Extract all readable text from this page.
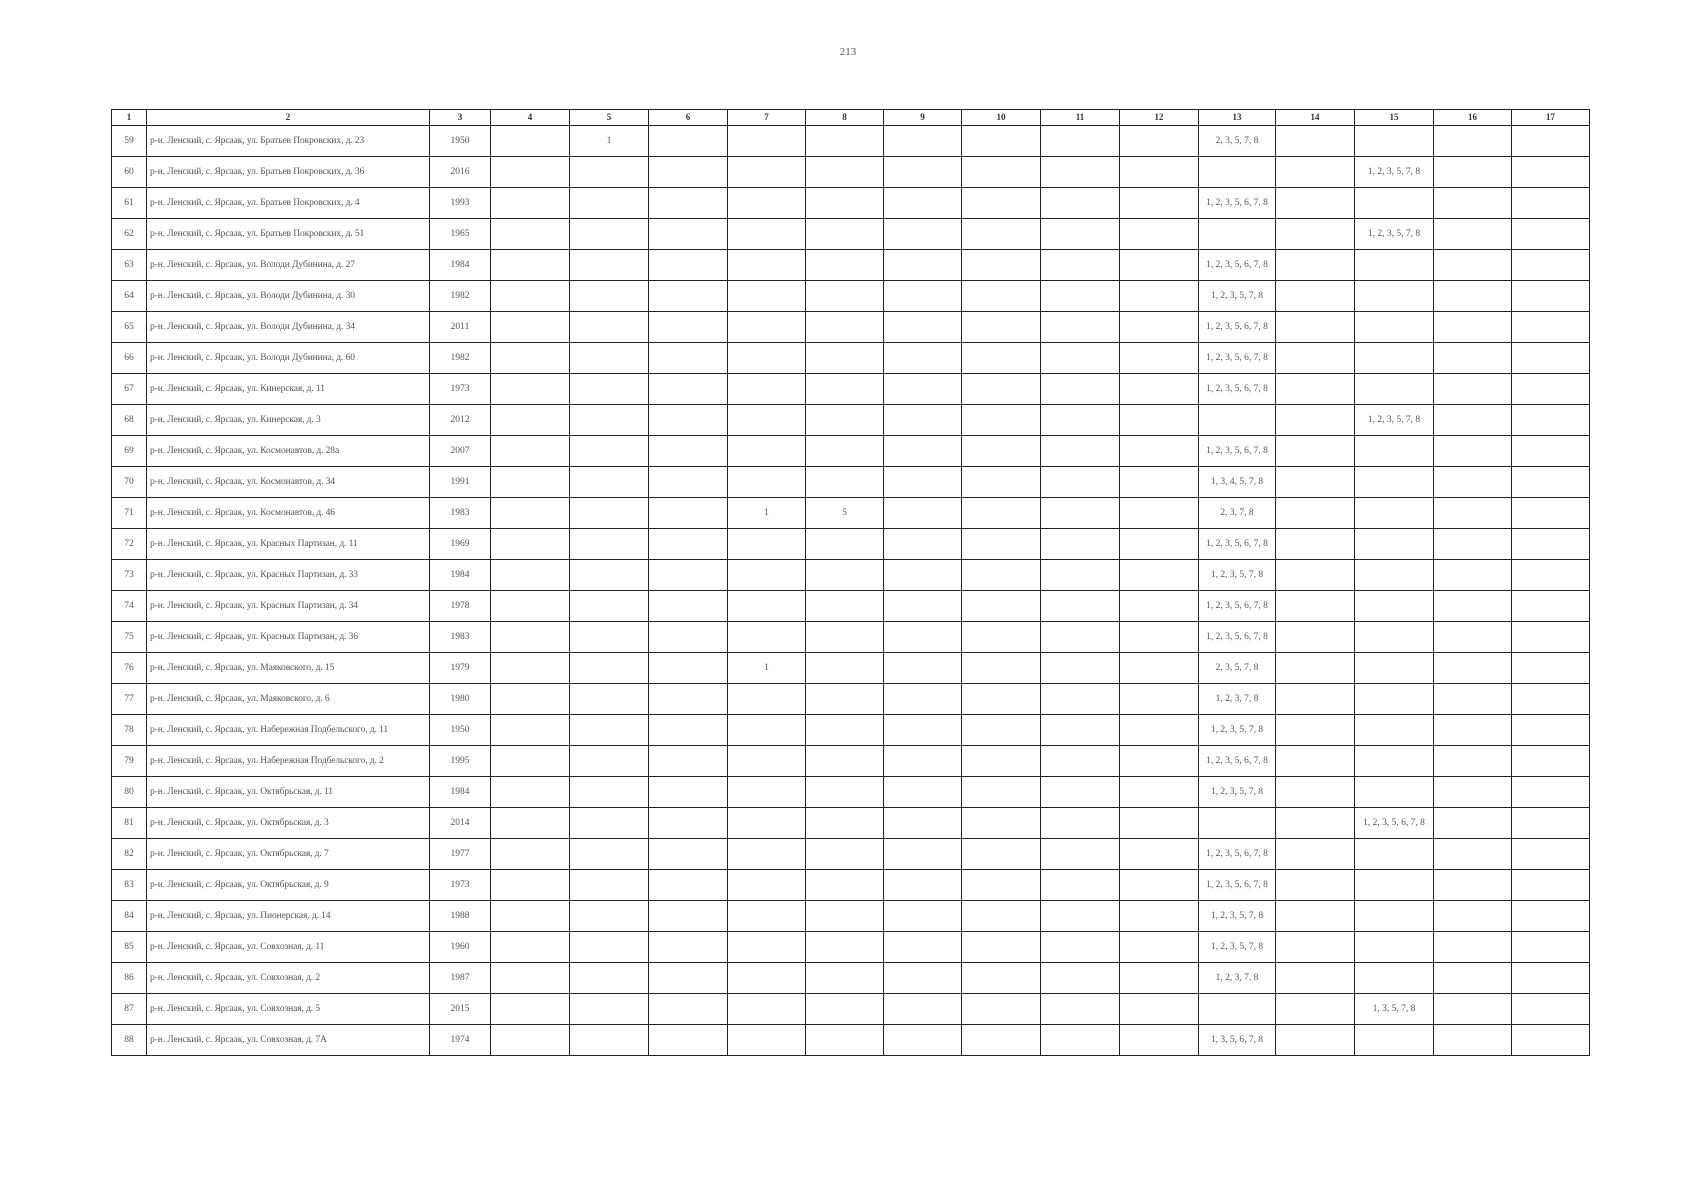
213
1	2	3	4	5	6	7	8	9	10	11	12	13	14	15	16	17
59	р-н. Ленский, с. Ярсаак, ул. Братьев Покровских, д. 23	1950		1								2, 3, 5, 7, 8				
60	р-н. Ленский, с. Ярсаак, ул. Братьев Покровских, д. 36	2016												1, 2, 3, 5, 7, 8		
61	р-н. Ленский, с. Ярсаак, ул. Братьев Покровских, д. 4	1993										1, 2, 3, 5, 6, 7, 8				
62	р-н. Ленский, с. Ярсаак, ул. Братьев Покровских, д. 51	1965												1, 2, 3, 5, 7, 8		
63	р-н. Ленский, с. Ярсаак, ул. Володи Дубинина, д. 27	1984										1, 2, 3, 5, 6, 7, 8				
64	р-н. Ленский, с. Ярсаак, ул. Володи Дубинина, д. 30	1982										1, 2, 3, 5, 7, 8				
65	р-н. Ленский, с. Ярсаак, ул. Володи Дубинина, д. 34	2011										1, 2, 3, 5, 6, 7, 8				
66	р-н. Ленский, с. Ярсаак, ул. Володи Дубинина, д. 60	1982										1, 2, 3, 5, 6, 7, 8				
67	р-н. Ленский, с. Ярсаак, ул. Кинерская, д. 11	1973										1, 2, 3, 5, 6, 7, 8				
68	р-н. Ленский, с. Ярсаак, ул. Кинерская, д. 3	2012												1, 2, 3, 5, 7, 8		
69	р-н. Ленский, с. Ярсаак, ул. Космонавтов, д. 28а	2007										1, 2, 3, 5, 6, 7, 8				
70	р-н. Ленский, с. Ярсаак, ул. Космонавтов, д. 34	1991										1, 3, 4, 5, 7, 8				
71	р-н. Ленский, с. Ярсаак, ул. Космонавтов, д. 46	1983				1	5					2, 3, 7, 8				
72	р-н. Ленский, с. Ярсаак, ул. Красных Партизан, д. 11	1969										1, 2, 3, 5, 6, 7, 8				
73	р-н. Ленский, с. Ярсаак, ул. Красных Партизан, д. 33	1984										1, 2, 3, 5, 7, 8				
74	р-н. Ленский, с. Ярсаак, ул. Красных Партизан, д. 34	1978										1, 2, 3, 5, 6, 7, 8				
75	р-н. Ленский, с. Ярсаак, ул. Красных Партизан, д. 36	1983										1, 2, 3, 5, 6, 7, 8				
76	р-н. Ленский, с. Ярсаак, ул. Маяковского, д. 15	1979				1						2, 3, 5, 7, 8				
77	р-н. Ленский, с. Ярсаак, ул. Маяковского, д. 6	1980										1, 2, 3, 7, 8				
78	р-н. Ленский, с. Ярсаак, ул. Набережная Подбельского, д. 11	1950										1, 2, 3, 5, 7, 8				
79	р-н. Ленский, с. Ярсаак, ул. Набережная Подбельского, д. 2	1995										1, 2, 3, 5, 6, 7, 8				
80	р-н. Ленский, с. Ярсаак, ул. Октябрьская, д. 11	1984										1, 2, 3, 5, 7, 8				
81	р-н. Ленский, с. Ярсаак, ул. Октябрьская, д. 3	2014												1, 2, 3, 5, 6, 7, 8		
82	р-н. Ленский, с. Ярсаак, ул. Октябрьская, д. 7	1977										1, 2, 3, 5, 6, 7, 8				
83	р-н. Ленский, с. Ярсаак, ул. Октябрьская, д. 9	1973										1, 2, 3, 5, 6, 7, 8				
84	р-н. Ленский, с. Ярсаак, ул. Пионерская, д. 14	1988										1, 2, 3, 5, 7, 8				
85	р-н. Ленский, с. Ярсаак, ул. Совхозная, д. 11	1960										1, 2, 3, 5, 7, 8				
86	р-н. Ленский, с. Ярсаак, ул. Совхозная, д. 2	1987										1, 2, 3, 7, 8				
87	р-н. Ленский, с. Ярсаак, ул. Совхозная, д. 5	2015												1, 3, 5, 7, 8		
88	р-н. Ленский, с. Ярсаак, ул. Совхозная, д. 7А	1974										1, 3, 5, 6, 7, 8				
